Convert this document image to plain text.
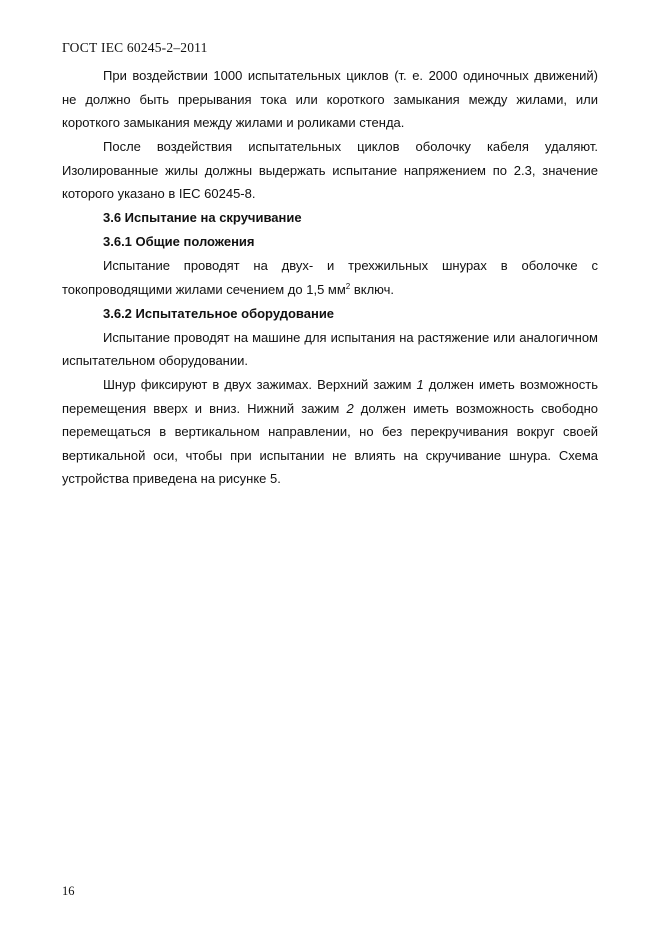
ГОСТ IEC 60245-2–2011

При воздействии 1000 испытательных циклов (т. е. 2000 одиночных движений) не должно быть прерывания тока или короткого замыкания между жилами, или короткого замыкания между жилами и роликами стенда.

После воздействия испытательных циклов оболочку кабеля удаляют. Изолированные жилы должны выдержать испытание напряжением по 2.3, значение которого указано в IEC 60245-8.

3.6 Испытание на скручивание
3.6.1 Общие положения

Испытание проводят на двух- и трехжильных шнурах в оболочке с токопроводящими жилами сечением до 1,5 $мм^2$ включ.

3.6.2 Испытательное оборудование

Испытание проводят на машине для испытания на растяжение или аналогичном испытательном оборудовании.

Шнур фиксируют в двух зажимах. Верхний зажим 1 должен иметь возможность перемещения вверх и вниз. Нижний зажим 2 должен иметь возможность свободно перемещаться в вертикальном направлении, но без перекручивания вокруг своей вертикальной оси, чтобы при испытании не влиять на скручивание шнура. Схема устройства приведена на рисунке 5.

16
